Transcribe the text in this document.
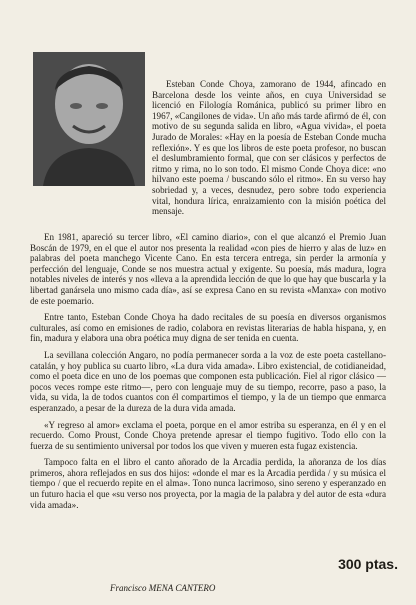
Esteban Conde Choya, zamorano de 1944, afincado en Barcelona desde los veinte años, en cuya Universidad se licenció en Filología Románica, publicó su primer libro en 1967, «Cangilones de vida». Un año más tarde afirmó de él, con motivo de su segunda salida en libro, «Agua vivida», el poeta Jurado de Morales: «Hay en la poesía de Esteban Conde mucha reflexión». Y es que los libros de este poeta profesor, no buscan el deslumbramiento formal, que con ser clásicos y perfectos de ritmo y rima, no lo son todo. El mismo Conde Choya dice: «no hilvano este poema / buscando sólo el ritmo». En su verso hay sobriedad y, a veces, desnudez, pero sobre todo experiencia vital, hondura lírica, enraizamiento con la misión poética del mensaje.

En 1981, apareció su tercer libro, «El camino diario», con el que alcanzó el Premio Juan Boscán de 1979, en el que el autor nos presenta la realidad «con pies de hierro y alas de luz» en palabras del poeta manchego Vicente Cano. En esta tercera entrega, sin perder la armonía y perfección del lenguaje, Conde se nos muestra actual y exigente. Su poesía, más madura, logra notables niveles de interés y nos «lleva a la aprendida lección de que lo que hay que buscarla y la libertad ganársela uno mismo cada día», así se expresa Cano en su revista «Manxa» con motivo de este poemario.

Entre tanto, Esteban Conde Choya ha dado recitales de su poesía en diversos organismos culturales, así como en emisiones de radio, colabora en revistas literarias de habla hispana, y, en fin, madura y elabora una obra poética muy digna de ser tenida en cuenta.

La sevillana colección Angaro, no podía permanecer sorda a la voz de este poeta castellano-catalán, y hoy publica su cuarto libro, «La dura vida amada». Libro existencial, de cotidianeidad, como el poeta dice en uno de los poemas que componen esta publicación. Fiel al rigor clásico —pocos veces rompe este ritmo—, pero con lenguaje muy de su tiempo, recorre, paso a paso, la vida, su vida, la de todos cuantos con él compartimos el tiempo, y la de un tiempo que enmarca esperanzado, a pesar de la dureza de la dura vida amada.

«Y regreso al amor» exclama el poeta, porque en el amor estriba su esperanza, en él y en el recuerdo. Como Proust, Conde Choya pretende apresar el tiempo fugitivo. Todo ello con la fuerza de su sentimiento universal por todos los que viven y mueren esta fugaz existencia.

Tampoco falta en el libro el canto añorado de la Arcadia perdida, la añoranza de los días primeros, ahora reflejados en sus dos hijos: «donde el mar es la Arcadia perdida / y su música el tiempo / que el recuerdo repite en el alma». Tono nunca lacrimoso, sino sereno y esperanzado en un futuro hacia el que «su verso nos proyecta, por la magia de la palabra y del autor de esta «dura vida amada».

Francisco MENA CANTERO
300 ptas.
